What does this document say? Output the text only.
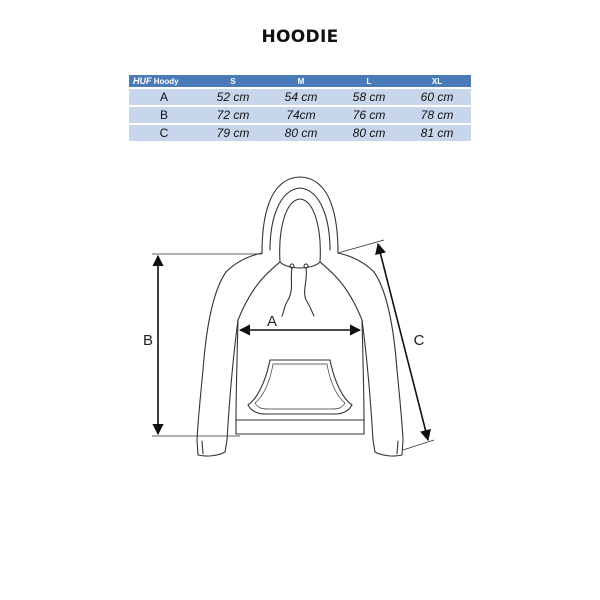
HOODIE
HUF Hoody	S	M	L	XL
A	52 cm	54 cm	58 cm	60 cm
B	72 cm	74cm	76 cm	78 cm
C	79 cm	80 cm	80 cm	81 cm
A
B	C
